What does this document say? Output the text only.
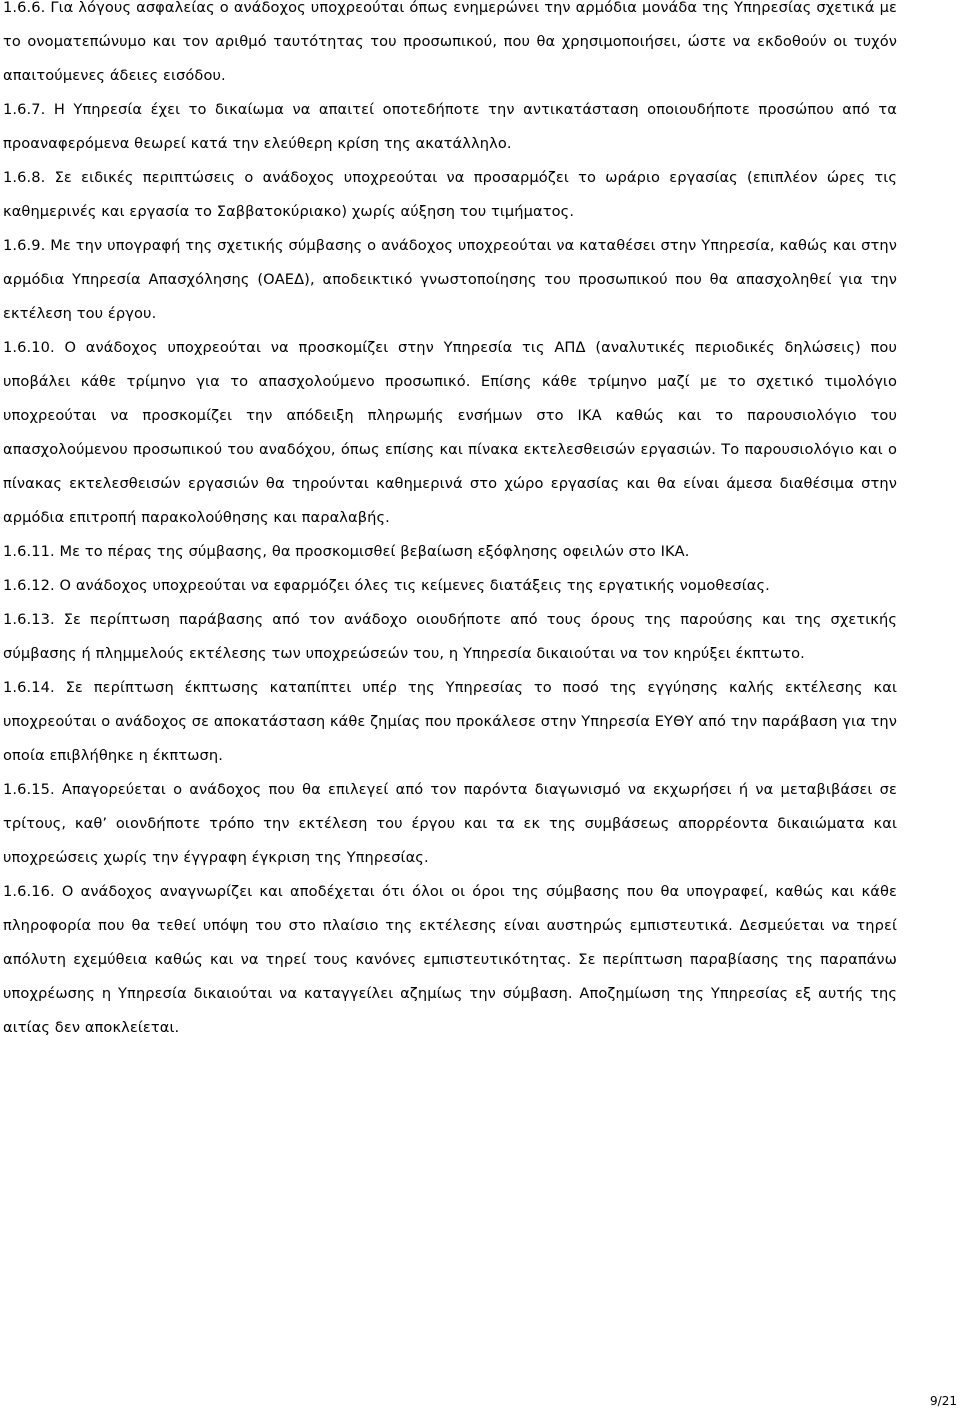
1.6.6. Για λόγους ασφαλείας ο ανάδοχος υποχρεούται όπως ενημερώνει την αρμόδια μονάδα της Υπηρεσίας σχετικά με το ονοματεπώνυμο και τον αριθμό ταυτότητας του προσωπικού, που θα χρησιμοποιήσει, ώστε να εκδοθούν οι τυχόν απαιτούμενες άδειες εισόδου.

1.6.7. Η Υπηρεσία έχει το δικαίωμα να απαιτεί οποτεδήποτε την αντικατάσταση οποιουδήποτε προσώπου από τα προαναφερόμενα θεωρεί κατά την ελεύθερη κρίση της ακατάλληλο.

1.6.8. Σε ειδικές περιπτώσεις ο ανάδοχος υποχρεούται να προσαρμόζει το ωράριο εργασίας (επιπλέον ώρες τις καθημερινές και εργασία το Σαββατοκύριακο) χωρίς αύξηση του τιμήματος.

1.6.9. Με την υπογραφή της σχετικής σύμβασης ο ανάδοχος υποχρεούται να καταθέσει στην Υπηρεσία, καθώς και στην αρμόδια Υπηρεσία Απασχόλησης (ΟΑΕΔ), αποδεικτικό γνωστοποίησης του προσωπικού που θα απασχοληθεί για την εκτέλεση του έργου.

1.6.10. Ο ανάδοχος υποχρεούται να προσκομίζει στην Υπηρεσία τις ΑΠΔ (αναλυτικές περιοδικές δηλώσεις) που υποβάλει κάθε τρίμηνο για το απασχολούμενο προσωπικό. Επίσης κάθε τρίμηνο μαζί με το σχετικό τιμολόγιο υποχρεούται να προσκομίζει την απόδειξη πληρωμής ενσήμων στο ΙΚΑ καθώς και το παρουσιολόγιο του απασχολούμενου προσωπικού του αναδόχου, όπως επίσης και πίνακα εκτελεσθεισών εργασιών. Το παρουσιολόγιο και ο πίνακας εκτελεσθεισών εργασιών θα τηρούνται καθημερινά στο χώρο εργασίας και θα είναι άμεσα διαθέσιμα στην αρμόδια επιτροπή παρακολούθησης και παραλαβής.

1.6.11. Με το πέρας της σύμβασης, θα προσκομισθεί βεβαίωση εξόφλησης οφειλών στο ΙΚΑ.

1.6.12. Ο ανάδοχος υποχρεούται να εφαρμόζει όλες τις κείμενες διατάξεις της εργατικής νομοθεσίας.

1.6.13. Σε περίπτωση παράβασης από τον ανάδοχο οιουδήποτε από τους όρους της παρούσης και της σχετικής σύμβασης ή πλημμελούς εκτέλεσης των υποχρεώσεών του, η Υπηρεσία δικαιούται να τον κηρύξει έκπτωτο.

1.6.14. Σε περίπτωση έκπτωσης καταπίπτει υπέρ της Υπηρεσίας το ποσό της εγγύησης καλής εκτέλεσης και υποχρεούται ο ανάδοχος σε αποκατάσταση κάθε ζημίας που προκάλεσε στην Υπηρεσία ΕΥΘΥ από την παράβαση για την οποία επιβλήθηκε η έκπτωση.

1.6.15. Απαγορεύεται ο ανάδοχος που θα επιλεγεί από τον παρόντα διαγωνισμό να εκχωρήσει ή να μεταβιβάσει σε τρίτους, καθ’ οιονδήποτε τρόπο την εκτέλεση του έργου και τα εκ της συμβάσεως απορρέοντα δικαιώματα και υποχρεώσεις χωρίς την έγγραφη έγκριση της Υπηρεσίας.

1.6.16. Ο ανάδοχος αναγνωρίζει και αποδέχεται ότι όλοι οι όροι της σύμβασης που θα υπογραφεί, καθώς και κάθε πληροφορία που θα τεθεί υπόψη του στο πλαίσιο της εκτέλεσης είναι αυστηρώς εμπιστευτικά. Δεσμεύεται να τηρεί απόλυτη εχεμύθεια καθώς και να τηρεί τους κανόνες εμπιστευτικότητας. Σε περίπτωση παραβίασης της παραπάνω υποχρέωσης η Υπηρεσία δικαιούται να καταγγείλει αζημίως την σύμβαση. Αποζημίωση της Υπηρεσίας εξ αυτής της αιτίας δεν αποκλείεται.

9/21
